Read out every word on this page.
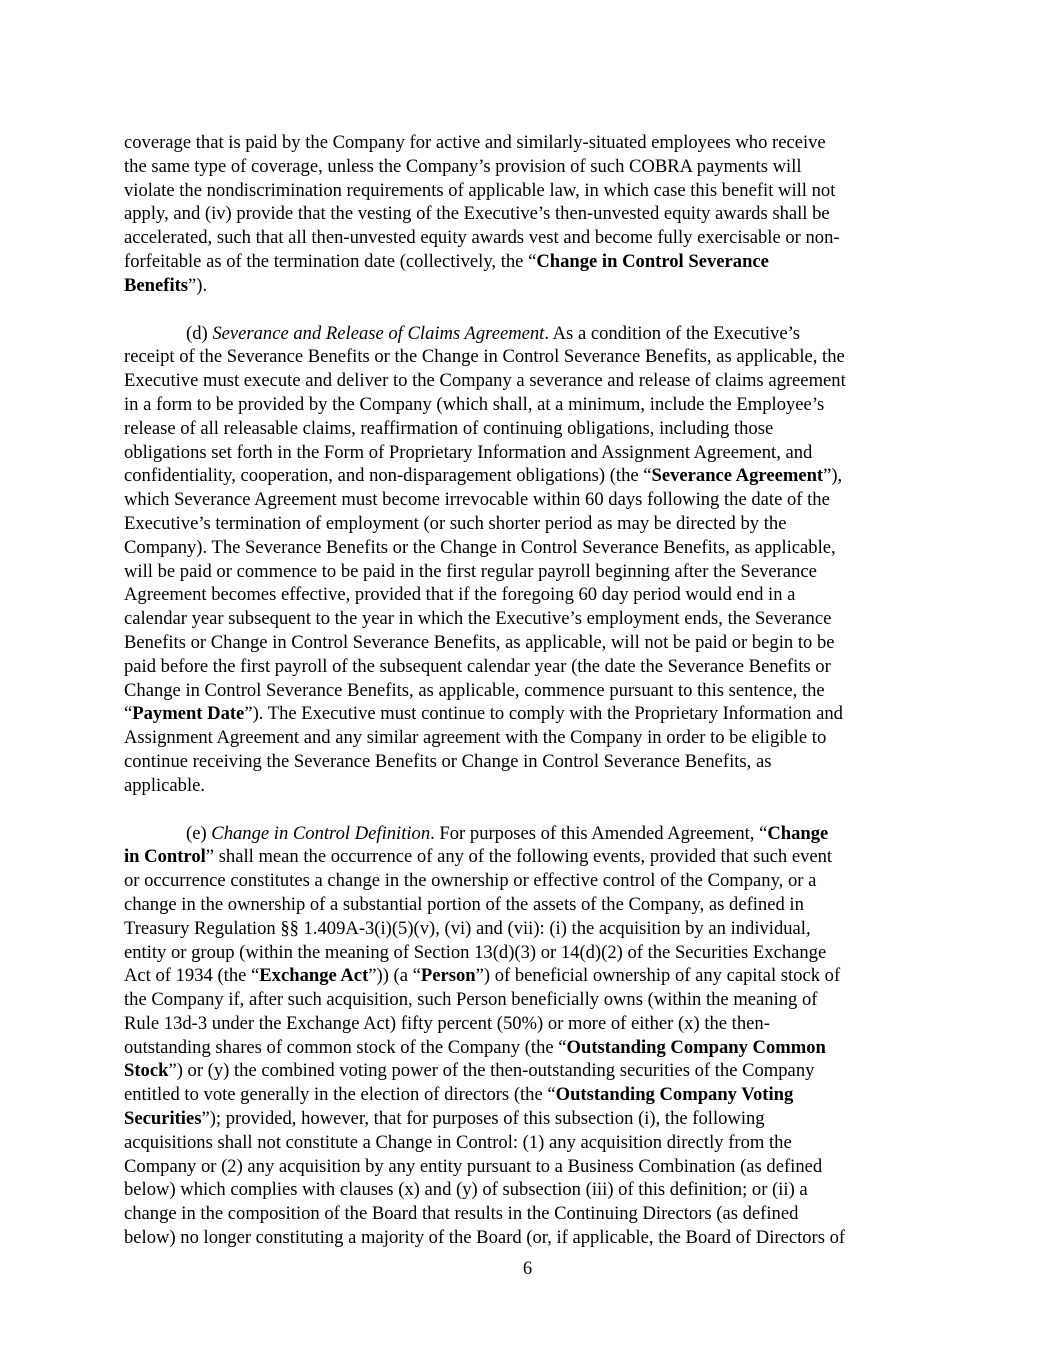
coverage that is paid by the Company for active and similarly-situated employees who receive
the same type of coverage, unless the Company’s provision of such COBRA payments will
violate the nondiscrimination requirements of applicable law, in which case this benefit will not
apply, and (iv) provide that the vesting of the Executive’s then-unvested equity awards shall be
accelerated, such that all then-unvested equity awards vest and become fully exercisable or non-
forfeitable as of the termination date (collectively, the “Change in Control Severance
Benefits”).
(d) Severance and Release of Claims Agreement. As a condition of the Executive’s
receipt of the Severance Benefits or the Change in Control Severance Benefits, as applicable, the
Executive must execute and deliver to the Company a severance and release of claims agreement
in a form to be provided by the Company (which shall, at a minimum, include the Employee’s
release of all releasable claims, reaffirmation of continuing obligations, including those
obligations set forth in the Form of Proprietary Information and Assignment Agreement, and
confidentiality, cooperation, and non-disparagement obligations) (the “Severance Agreement”),
which Severance Agreement must become irrevocable within 60 days following the date of the
Executive’s termination of employment (or such shorter period as may be directed by the
Company). The Severance Benefits or the Change in Control Severance Benefits, as applicable,
will be paid or commence to be paid in the first regular payroll beginning after the Severance
Agreement becomes effective, provided that if the foregoing 60 day period would end in a
calendar year subsequent to the year in which the Executive’s employment ends, the Severance
Benefits or Change in Control Severance Benefits, as applicable, will not be paid or begin to be
paid before the first payroll of the subsequent calendar year (the date the Severance Benefits or
Change in Control Severance Benefits, as applicable, commence pursuant to this sentence, the
“Payment Date”). The Executive must continue to comply with the Proprietary Information and
Assignment Agreement and any similar agreement with the Company in order to be eligible to
continue receiving the Severance Benefits or Change in Control Severance Benefits, as
applicable.
(e) Change in Control Definition. For purposes of this Amended Agreement, “Change
in Control” shall mean the occurrence of any of the following events, provided that such event
or occurrence constitutes a change in the ownership or effective control of the Company, or a
change in the ownership of a substantial portion of the assets of the Company, as defined in
Treasury Regulation §§ 1.409A-3(i)(5)(v), (vi) and (vii): (i) the acquisition by an individual,
entity or group (within the meaning of Section 13(d)(3) or 14(d)(2) of the Securities Exchange
Act of 1934 (the “Exchange Act”)) (a “Person”) of beneficial ownership of any capital stock of
the Company if, after such acquisition, such Person beneficially owns (within the meaning of
Rule 13d-3 under the Exchange Act) fifty percent (50%) or more of either (x) the then-
outstanding shares of common stock of the Company (the “Outstanding Company Common
Stock”) or (y) the combined voting power of the then-outstanding securities of the Company
entitled to vote generally in the election of directors (the “Outstanding Company Voting
Securities”); provided, however, that for purposes of this subsection (i), the following
acquisitions shall not constitute a Change in Control: (1) any acquisition directly from the
Company or (2) any acquisition by any entity pursuant to a Business Combination (as defined
below) which complies with clauses (x) and (y) of subsection (iii) of this definition; or (ii) a
change in the composition of the Board that results in the Continuing Directors (as defined
below) no longer constituting a majority of the Board (or, if applicable, the Board of Directors of
6
